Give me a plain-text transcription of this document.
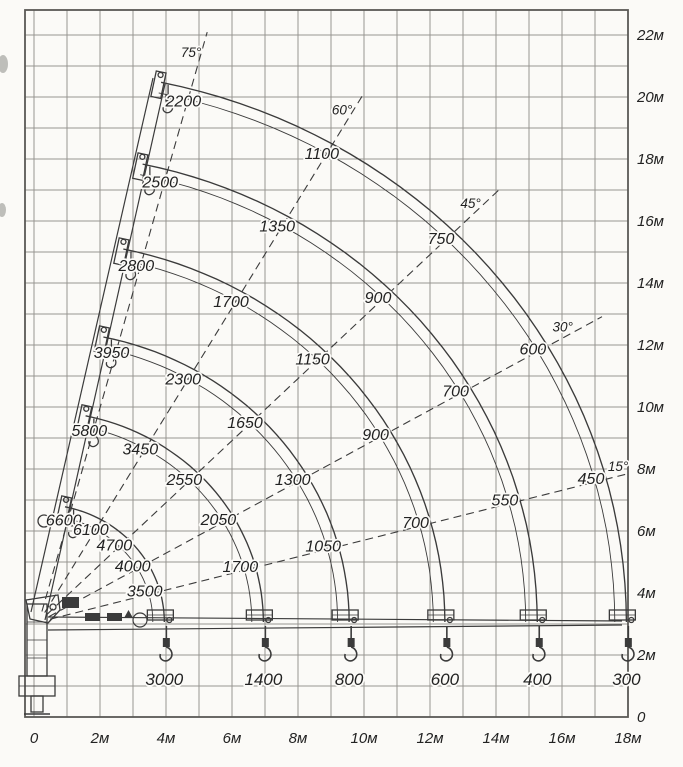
75°
60°
45°
30°
15°
6600
5800
3950
2800
2500
2200
6100
3450
2300
1700
1350
1100
4700
2550
1650
1150
900
750
4000
2050
1300
900
700
600
3500
1700
1050
700
550
450
3000	1400	800	600	400	300
0
2м
4м
6м
8м
10м
12м
14м
16м
18м
20м
22м
0	2м	4м	6м	8м	10м	12м	14м	16м	18м
